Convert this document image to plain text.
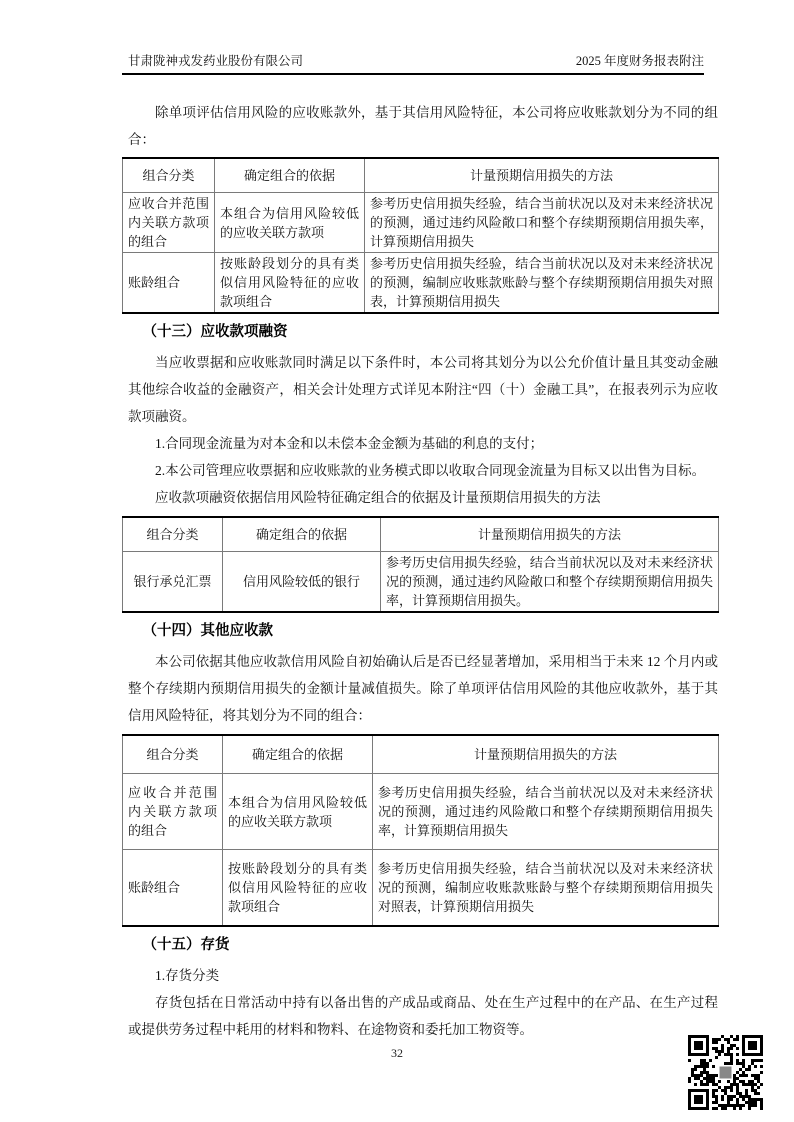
甘肃陇神戎发药业股份有限公司	2025 年度财务报表附注

除单项评估信用风险的应收账款外，基于其信用风险特征，本公司将应收账款划分为不同的组合：

组合分类	确定组合的依据	计量预期信用损失的方法
应收合并范围内关联方款项的组合	本组合为信用风险较低的应收关联方款项	参考历史信用损失经验，结合当前状况以及对未来经济状况的预测，通过违约风险敞口和整个存续期预期信用损失率，计算预期信用损失
账龄组合	按账龄段划分的具有类似信用风险特征的应收款项组合	参考历史信用损失经验，结合当前状况以及对未来经济状况的预测，编制应收账款账龄与整个存续期预期信用损失对照表，计算预期信用损失
（十三）应收款项融资

当应收票据和应收账款同时满足以下条件时，本公司将其划分为以公允价值计量且其变动金融其他综合收益的金融资产，相关会计处理方式详见本附注“四（十）金融工具”，在报表列示为应收款项融资。

1.合同现金流量为对本金和以未偿本金金额为基础的利息的支付；

2.本公司管理应收票据和应收账款的业务模式即以收取合同现金流量为目标又以出售为目标。

应收款项融资依据信用风险特征确定组合的依据及计量预期信用损失的方法

组合分类	确定组合的依据	计量预期信用损失的方法
银行承兑汇票	信用风险较低的银行	参考历史信用损失经验，结合当前状况以及对未来经济状况的预测，通过违约风险敞口和整个存续期预期信用损失率，计算预期信用损失。
（十四）其他应收款

本公司依据其他应收款信用风险自初始确认后是否已经显著增加，采用相当于未来 12 个月内或整个存续期内预期信用损失的金额计量减值损失。除了单项评估信用风险的其他应收款外，基于其信用风险特征，将其划分为不同的组合：

组合分类	确定组合的依据	计量预期信用损失的方法
应收合并范围内关联方款项的组合	本组合为信用风险较低的应收关联方款项	参考历史信用损失经验，结合当前状况以及对未来经济状况的预测，通过违约风险敞口和整个存续期预期信用损失率，计算预期信用损失
账龄组合	按账龄段划分的具有类似信用风险特征的应收款项组合	参考历史信用损失经验，结合当前状况以及对未来经济状况的预测，编制应收账款账龄与整个存续期预期信用损失对照表，计算预期信用损失
（十五）存货

1.存货分类

存货包括在日常活动中持有以备出售的产成品或商品、处在生产过程中的在产品、在生产过程或提供劳务过程中耗用的材料和物料、在途物资和委托加工物资等。

32
